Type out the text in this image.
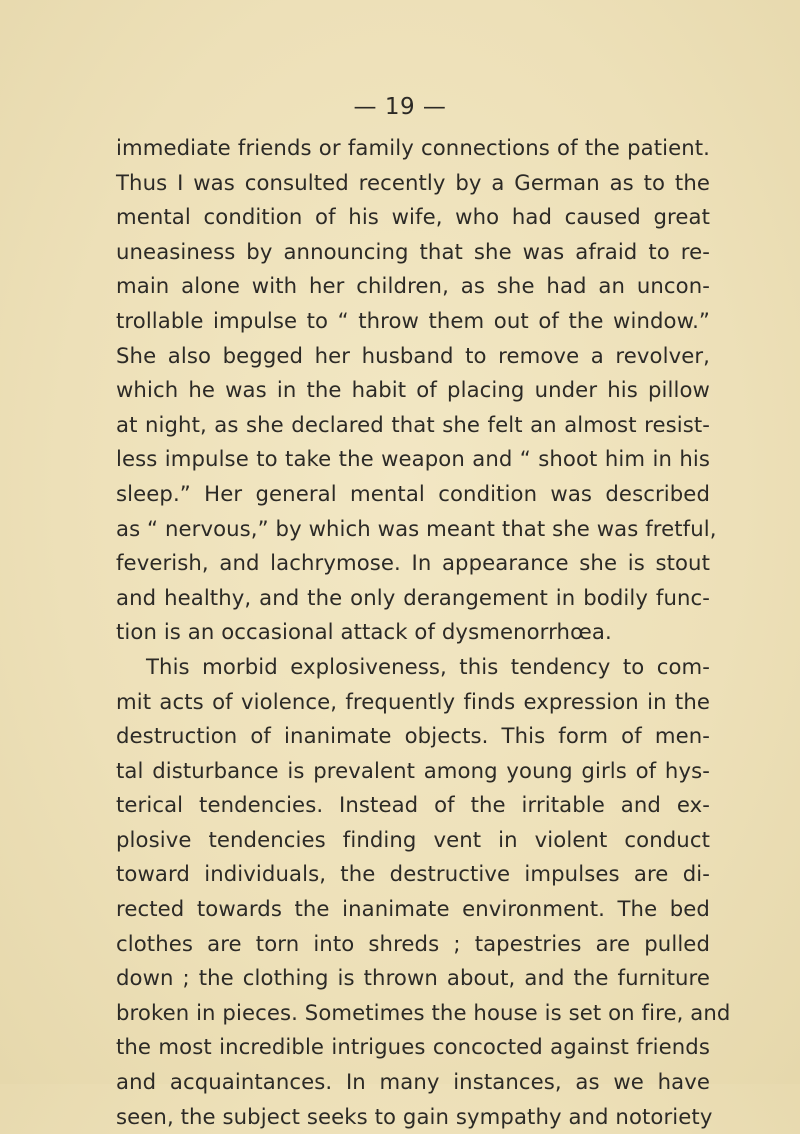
— 19 —

immediate friends or family connections of the patient.
Thus I was consulted recently by a German as to the
mental condition of his wife, who had caused great
uneasiness by announcing that she was afraid to re-
main alone with her children, as she had an uncon-
trollable impulse to “ throw them out of the window.”
She also begged her husband to remove a revolver,
which he was in the habit of placing under his pillow
at night, as she declared that she felt an almost resist-
less impulse to take the weapon and “ shoot him in his
sleep.” Her general mental condition was described
as “ nervous,” by which was meant that she was fretful,
feverish, and lachrymose. In appearance she is stout
and healthy, and the only derangement in bodily func-
tion is an occasional attack of dysmenorrhœa.
This morbid explosiveness, this tendency to com-
mit acts of violence, frequently finds expression in the
destruction of inanimate objects. This form of men-
tal disturbance is prevalent among young girls of hys-
terical tendencies. Instead of the irritable and ex-
plosive tendencies finding vent in violent conduct
toward individuals, the destructive impulses are di-
rected towards the inanimate environment. The bed
clothes are torn into shreds ; tapestries are pulled
down ; the clothing is thrown about, and the furniture
broken in pieces. Sometimes the house is set on fire, and
the most incredible intrigues concocted against friends
and acquaintances. In many instances, as we have
seen, the subject seeks to gain sympathy and notoriety
